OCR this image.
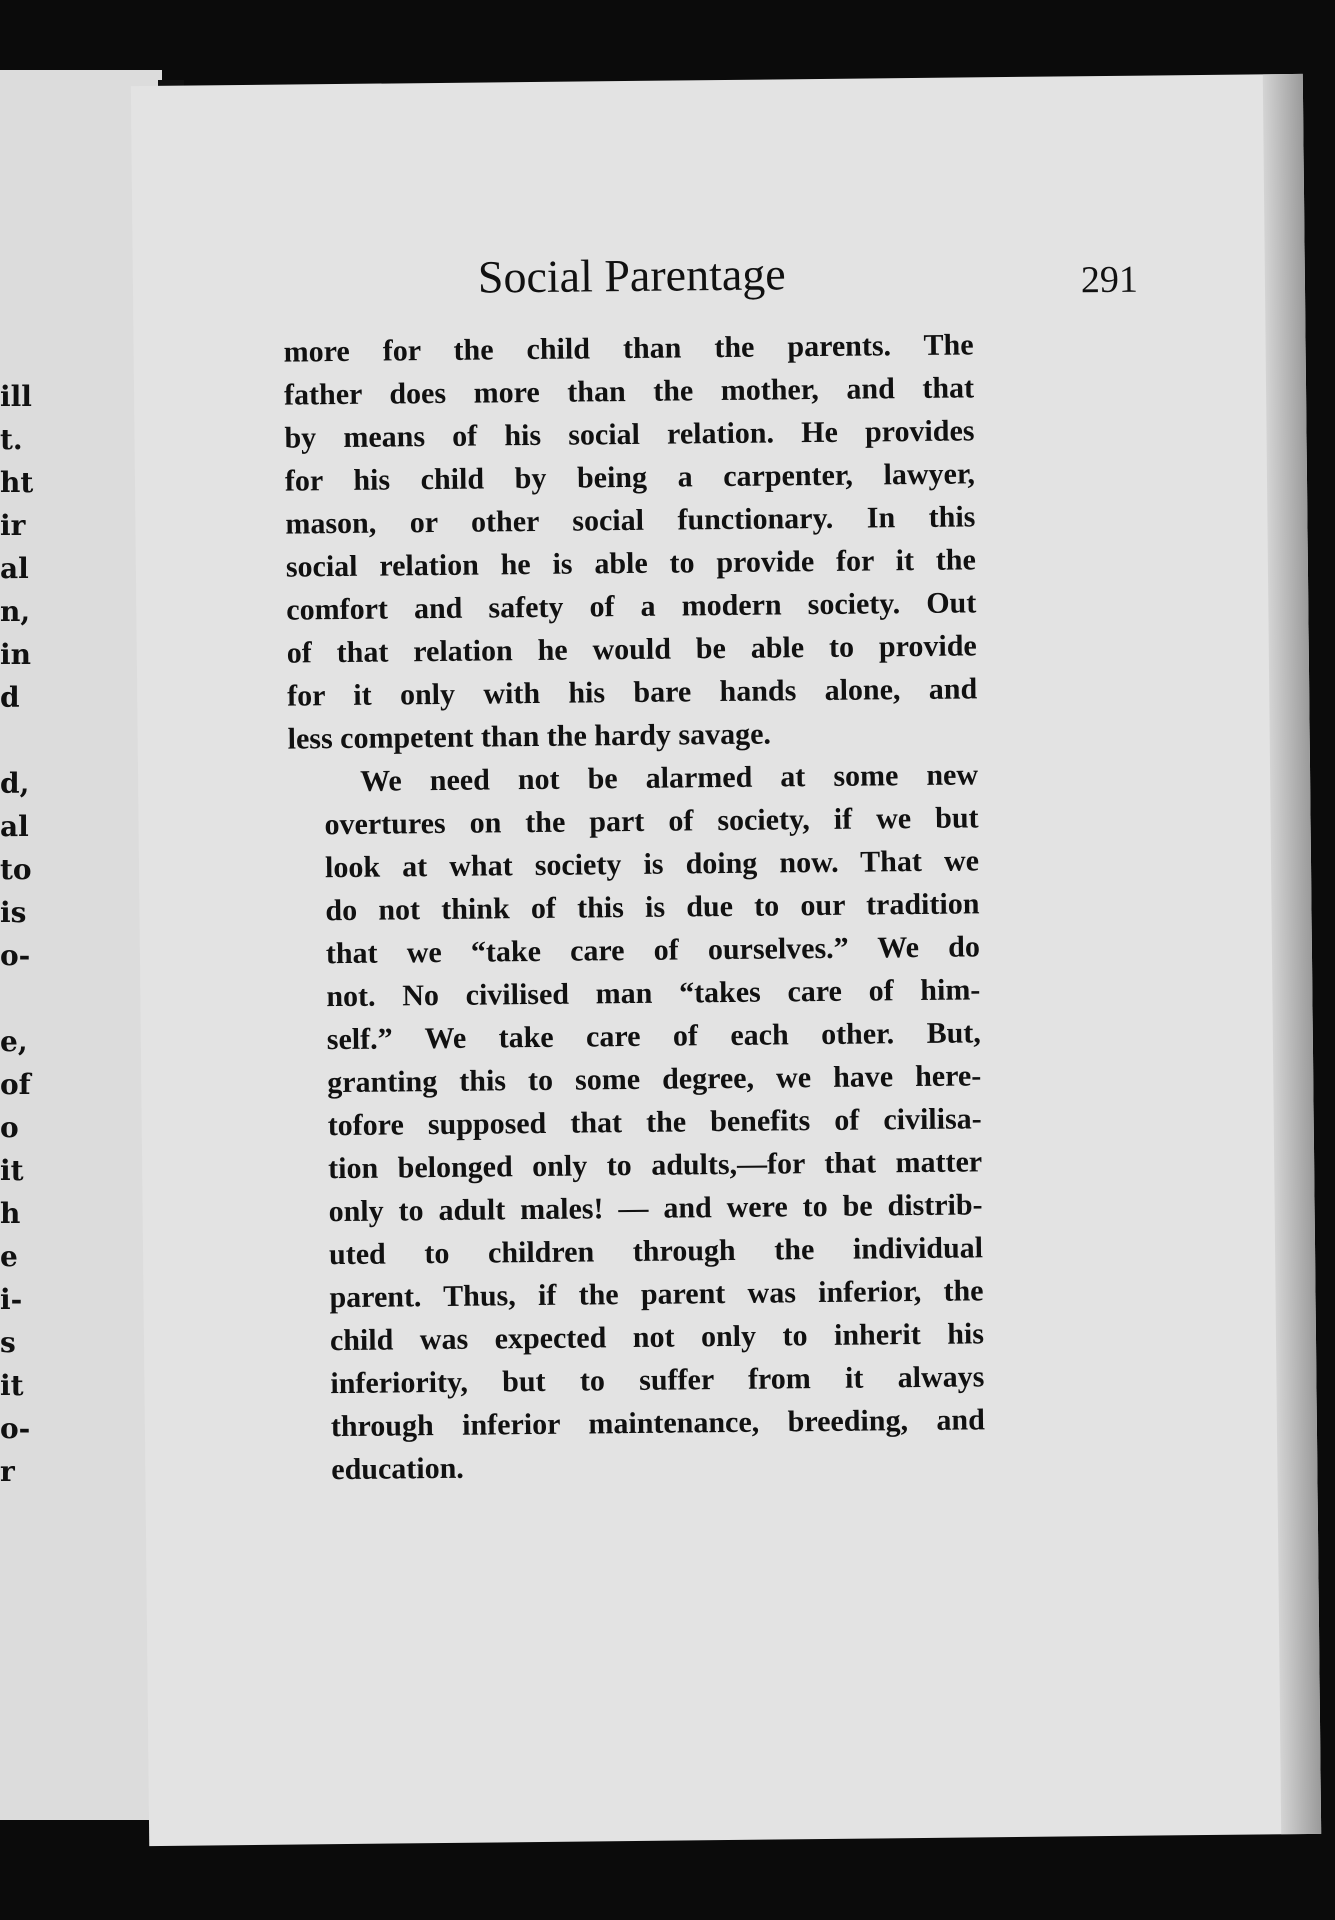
ill
t.
ht
ir
al
n,
in
d
d,
al
to
is
o-
e,
of
o
it
h
e
i-
s
it
o-
r
Social Parentage	291

more for the child than the parents. The
father does more than the mother, and that
by means of his social relation. He provides
for his child by being a carpenter, lawyer,
mason, or other social functionary. In this
social relation he is able to provide for it the
comfort and safety of a modern society. Out
of that relation he would be able to provide
for it only with his bare hands alone, and
less competent than the hardy savage.

We need not be alarmed at some new
overtures on the part of society, if we but
look at what society is doing now. That we
do not think of this is due to our tradition
that we “take care of ourselves.” We do
not. No civilised man “takes care of him-
self.” We take care of each other. But,
granting this to some degree, we have here-
tofore supposed that the benefits of civilisa-
tion belonged only to adults,—for that matter
only to adult males! — and were to be distrib-
uted to children through the individual
parent. Thus, if the parent was inferior, the
child was expected not only to inherit his
inferiority, but to suffer from it always
through inferior maintenance, breeding, and
education.
